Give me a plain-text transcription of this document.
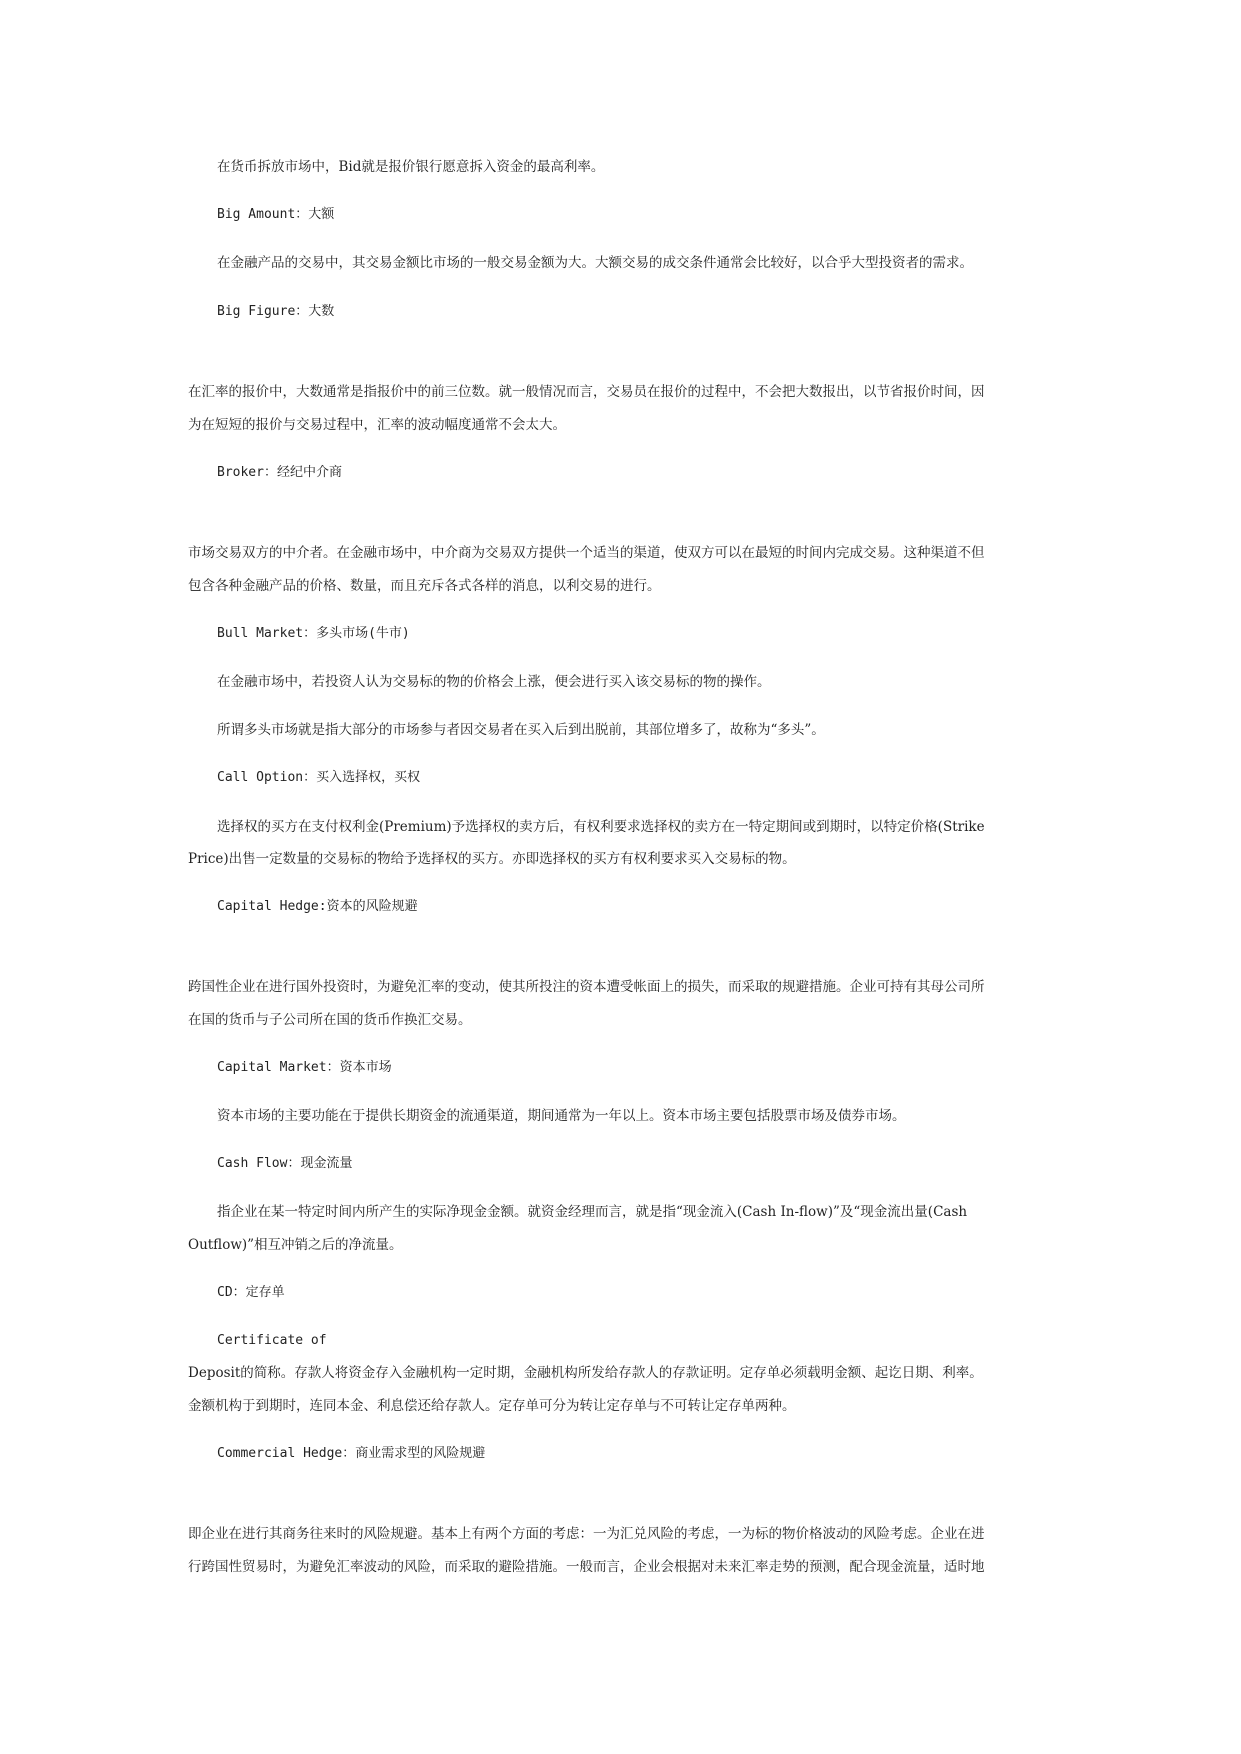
在货币拆放市场中，Bid就是报价银行愿意拆入资金的最高利率。
Big Amount：大额
在金融产品的交易中，其交易金额比市场的一般交易金额为大。大额交易的成交条件通常会比较好，以合乎大型投资者的需求。
Big Figure：大数
在汇率的报价中，大数通常是指报价中的前三位数。就一般情况而言，交易员在报价的过程中，不会把大数报出，以节省报价时间，因
为在短短的报价与交易过程中，汇率的波动幅度通常不会太大。
Broker：经纪中介商
市场交易双方的中介者。在金融市场中，中介商为交易双方提供一个适当的渠道，使双方可以在最短的时间内完成交易。这种渠道不但
包含各种金融产品的价格、数量，而且充斥各式各样的消息，以利交易的进行。
Bull Market：多头市场(牛市)
在金融市场中，若投资人认为交易标的物的价格会上涨，便会进行买入该交易标的物的操作。
所谓多头市场就是指大部分的市场参与者因交易者在买入后到出脱前，其部位增多了，故称为“多头”。
Call Option：买入选择权，买权
选择权的买方在支付权利金(Premium)予选择权的卖方后，有权利要求选择权的卖方在一特定期间或到期时，以特定价格(Strike
Price)出售一定数量的交易标的物给予选择权的买方。亦即选择权的买方有权利要求买入交易标的物。
Capital Hedge:资本的风险规避
跨国性企业在进行国外投资时，为避免汇率的变动，使其所投注的资本遭受帐面上的损失，而采取的规避措施。企业可持有其母公司所
在国的货币与子公司所在国的货币作换汇交易。
Capital Market：资本市场
资本市场的主要功能在于提供长期资金的流通渠道，期间通常为一年以上。资本市场主要包括股票市场及债券市场。
Cash Flow：现金流量
指企业在某一特定时间内所产生的实际净现金金额。就资金经理而言，就是指“现金流入(Cash In-flow)”及“现金流出量(Cash
Outflow)”相互冲销之后的净流量。
CD：定存单
Certificate of
Deposit的简称。存款人将资金存入金融机构一定时期，金融机构所发给存款人的存款证明。定存单必须载明金额、起讫日期、利率。
金额机构于到期时，连同本金、利息偿还给存款人。定存单可分为转让定存单与不可转让定存单两种。
Commercial Hedge：商业需求型的风险规避
即企业在进行其商务往来时的风险规避。基本上有两个方面的考虑：一为汇兑风险的考虑，一为标的物价格波动的风险考虑。企业在进
行跨国性贸易时，为避免汇率波动的风险，而采取的避险措施。一般而言，企业会根据对未来汇率走势的预测，配合现金流量，适时地
